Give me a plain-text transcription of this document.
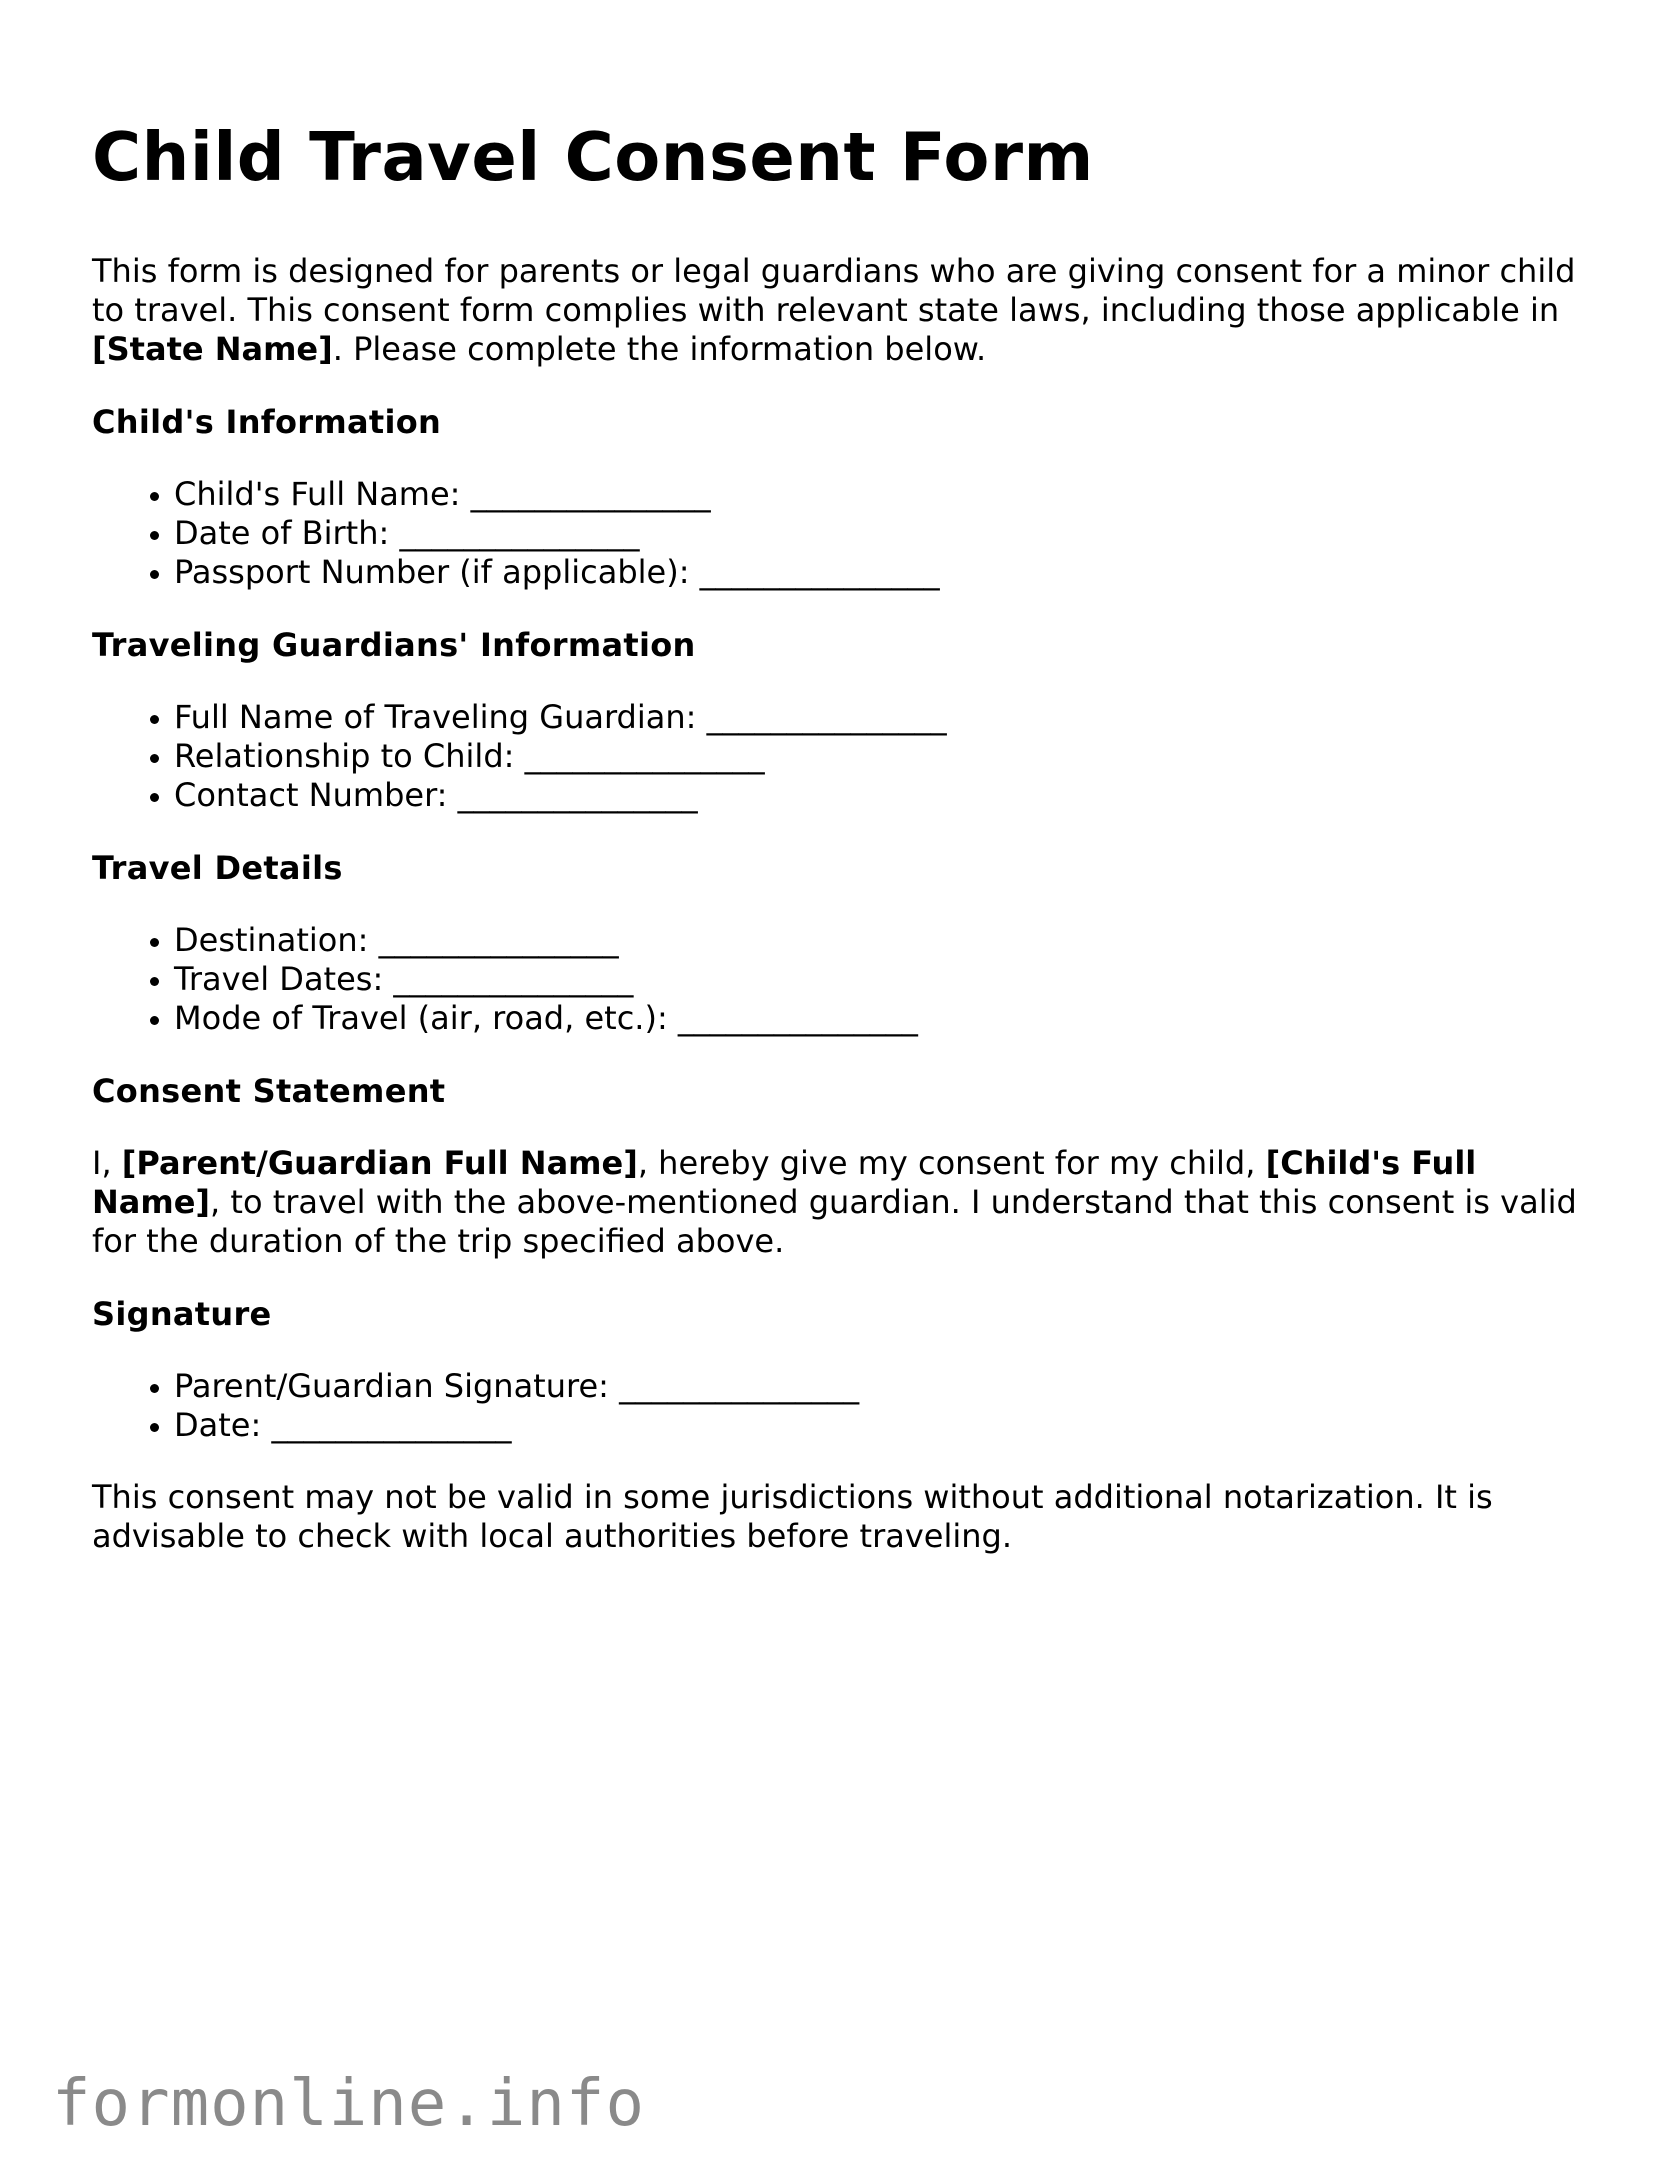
Child Travel Consent Form

This form is designed for parents or legal guardians who are giving consent for a minor child to travel. This consent form complies with relevant state laws, including those applicable in [State Name]. Please complete the information below.

Child's Information
• Child's Full Name: _______________
• Date of Birth: _______________
• Passport Number (if applicable): _______________
Traveling Guardians' Information
• Full Name of Traveling Guardian: _______________
• Relationship to Child: _______________
• Contact Number: _______________
Travel Details
• Destination: _______________
• Travel Dates: _______________
• Mode of Travel (air, road, etc.): _______________
Consent Statement

I, [Parent/Guardian Full Name], hereby give my consent for my child, [Child's Full Name], to travel with the above-mentioned guardian. I understand that this consent is valid for the duration of the trip specified above.

Signature
• Parent/Guardian Signature: _______________
• Date: _______________

This consent may not be valid in some jurisdictions without additional notarization. It is advisable to check with local authorities before traveling.

formonline.info
